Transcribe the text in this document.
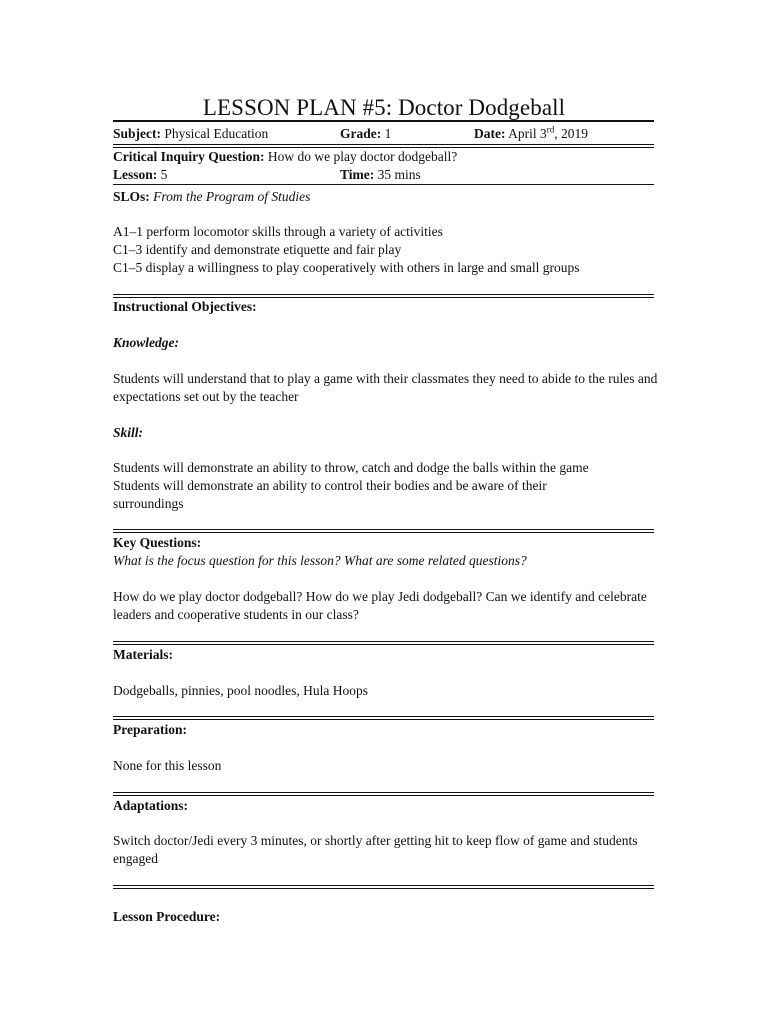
LESSON PLAN #5: Doctor Dodgeball
Subject: Physical Education	Grade: 1	Date: April 3rd, 2019
Critical Inquiry Question: How do we play doctor dodgeball?
Lesson: 5	Time: 35 mins
SLOs: From the Program of Studies
A1–1 perform locomotor skills through a variety of activities
C1–3 identify and demonstrate etiquette and fair play
C1–5 display a willingness to play cooperatively with others in large and small groups
Instructional Objectives:
Knowledge:
Students will understand that to play a game with their classmates they need to abide to the rules and expectations set out by the teacher
Skill:
Students will demonstrate an ability to throw, catch and dodge the balls within the game
Students will demonstrate an ability to control their bodies and be aware of their surroundings
Key Questions:
What is the focus question for this lesson? What are some related questions?
How do we play doctor dodgeball? How do we play Jedi dodgeball? Can we identify and celebrate leaders and cooperative students in our class?
Materials:
Dodgeballs, pinnies, pool noodles, Hula Hoops
Preparation:
None for this lesson
Adaptations:
Switch doctor/Jedi every 3 minutes, or shortly after getting hit to keep flow of game and students engaged
Lesson Procedure:
